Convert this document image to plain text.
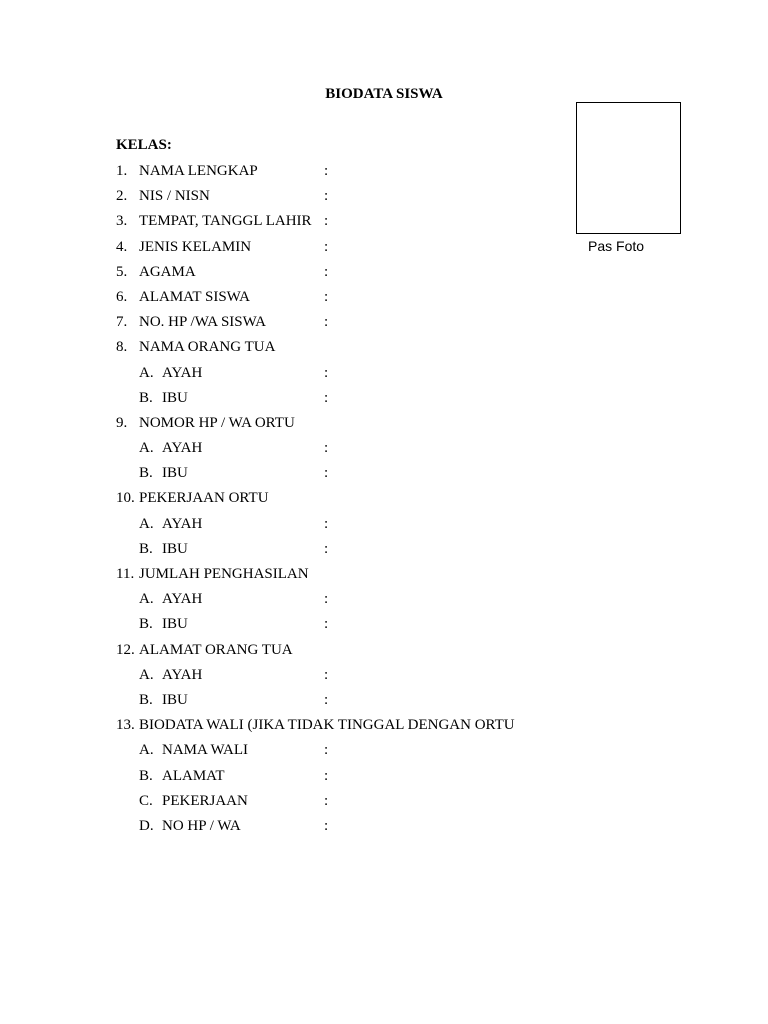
BIODATA SISWA
Pas Foto
KELAS:
1. NAMA LENGKAP	:
2. NIS / NISN	:
3. TEMPAT, TANGGL LAHIR :
4. JENIS KELAMIN	:
5. AGAMA	:
6. ALAMAT SISWA	:
7. NO. HP /WA SISWA	:
8. NAMA ORANG TUA
A. AYAH	:
B. IBU	:
9. NOMOR HP / WA ORTU
A. AYAH	:
B. IBU	:
10. PEKERJAAN ORTU
A. AYAH	:
B. IBU	:
11. JUMLAH PENGHASILAN
A. AYAH	:
B. IBU	:
12. ALAMAT ORANG TUA
A. AYAH	:
B. IBU	:
13. BIODATA WALI (JIKA TIDAK TINGGAL DENGAN ORTU
A. NAMA WALI	:
B. ALAMAT	:
C. PEKERJAAN	:
D. NO HP / WA	:
